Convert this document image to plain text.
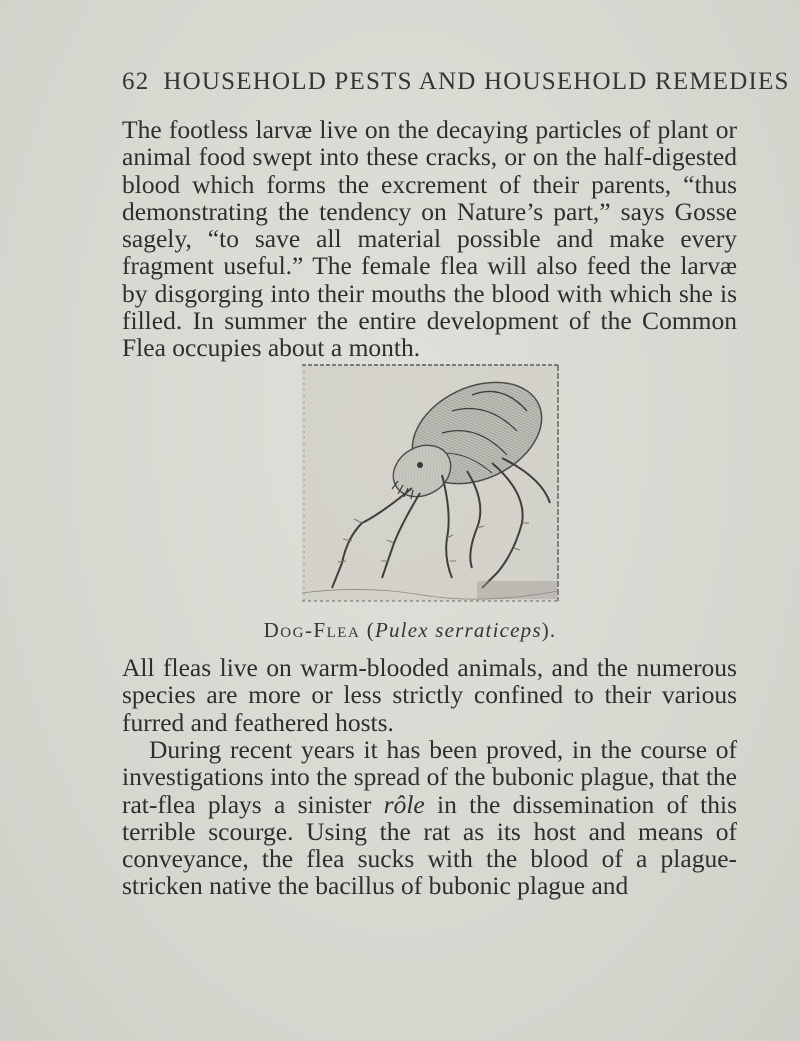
62 HOUSEHOLD PESTS AND HOUSEHOLD REMEDIES

The footless larvæ live on the decaying particles of plant or animal food swept into these cracks, or on the half-digested blood which forms the excrement of their parents, “thus demonstrating the tendency on Nature’s part,” says Gosse sagely, “to save all material possible and make every fragment useful.” The female flea will also feed the larvæ by disgorging into their mouths the blood with which she is filled. In summer the entire development of the Common Flea occupies about a month.

Dog-Flea (Pulex serraticeps).

All fleas live on warm-blooded animals, and the numerous species are more or less strictly confined to their various furred and feathered hosts.

During recent years it has been proved, in the course of investigations into the spread of the bubonic plague, that the rat-flea plays a sinister rôle in the dissemination of this terrible scourge. Using the rat as its host and means of conveyance, the flea sucks with the blood of a plague-stricken native the bacillus of bubonic plague and
